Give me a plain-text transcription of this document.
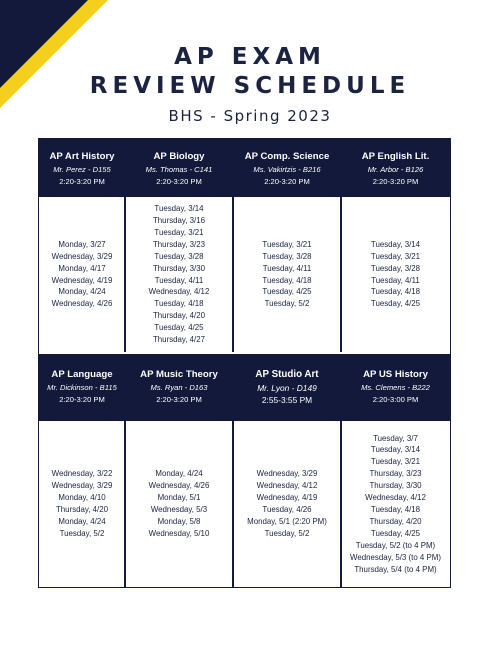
AP EXAM
REVIEW SCHEDULE
BHS - Spring 2023
AP Art History
Mr. Perez - D155
2:20-3:20 PM
Monday, 3/27
Wednesday, 3/29
Monday, 4/17
Wednesday, 4/19
Monday, 4/24
Wednesday, 4/26
AP Biology
Ms. Thomas - C141
2:20-3:20 PM
Tuesday, 3/14
Thursday, 3/16
Tuesday, 3/21
Thursday, 3/23
Tuesday, 3/28
Thursday, 3/30
Tuesday, 4/11
Wednesday, 4/12
Tuesday, 4/18
Thursday, 4/20
Tuesday, 4/25
Thursday, 4/27
AP Comp. Science
Ms. Vakirtzis - B216
2:20-3:20 PM
Tuesday, 3/21
Tuesday, 3/28
Tuesday, 4/11
Tuesday, 4/18
Tuesday, 4/25
Tuesday, 5/2
AP English Lit.
Mr. Arbor - B126
2:20-3:20 PM
Tuesday, 3/14
Tuesday, 3/21
Tuesday, 3/28
Tuesday, 4/11
Tuesday, 4/18
Tuesday, 4/25
AP Language
Mr. Dickinson - B115
2:20-3:20 PM
Wednesday, 3/22
Wednesday, 3/29
Monday, 4/10
Thursday, 4/20
Monday, 4/24
Tuesday, 5/2
AP Music Theory
Ms. Ryan - D163
2:20-3:20 PM
Monday, 4/24
Wednesday, 4/26
Monday, 5/1
Wednesday, 5/3
Monday, 5/8
Wednesday, 5/10
AP Studio Art
Mr. Lyon - D149
2:55-3:55 PM
Wednesday, 3/29
Wednesday, 4/12
Wednesday, 4/19
Tuesday, 4/26
Monday, 5/1 (2:20 PM)
Tuesday, 5/2
AP US History
Ms. Clemens - B222
2:20-3:00 PM
Tuesday, 3/7
Tuesday, 3/14
Tuesday, 3/21
Thursday, 3/23
Thursday, 3/30
Wednesday, 4/12
Tuesday, 4/18
Thursday, 4/20
Tuesday, 4/25
Tuesday, 5/2 (to 4 PM)
Wednesday, 5/3 (to 4 PM)
Thursday, 5/4 (to 4 PM)
